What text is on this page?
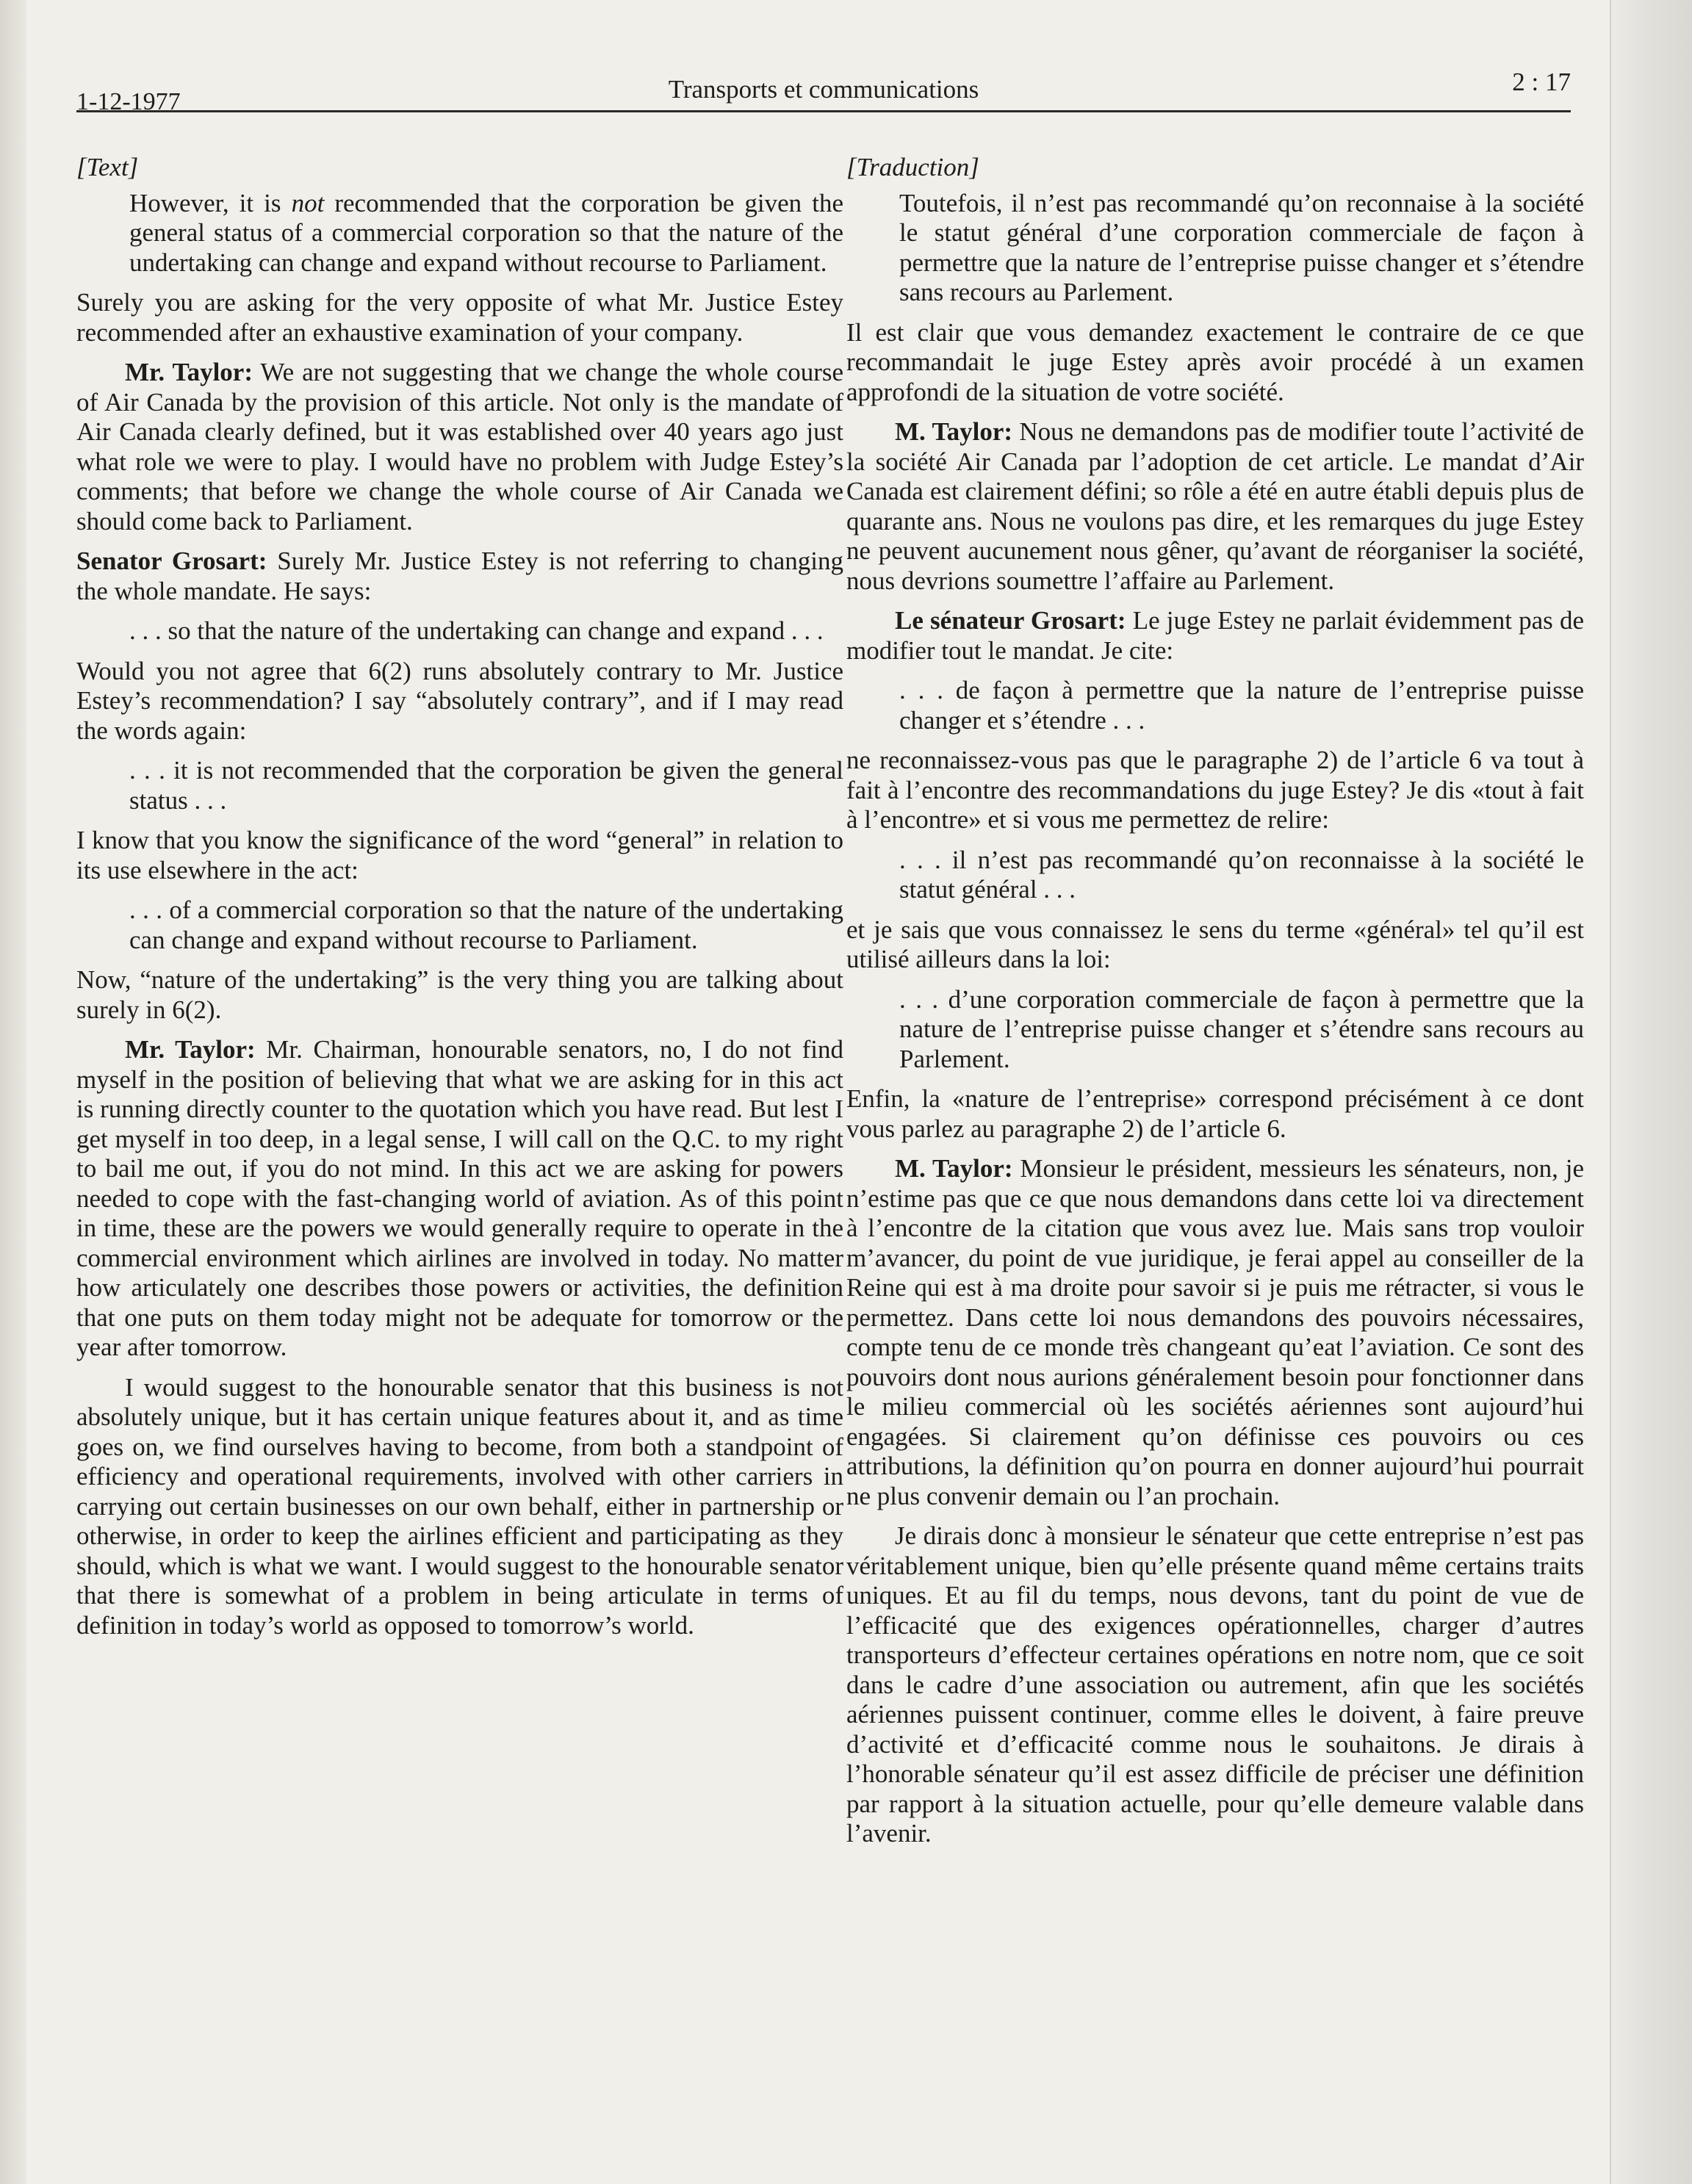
1-12-1977	Transports et communications	2 : 17

[Text]

However, it is not recommended that the corporation be given the general status of a commercial corporation so that the nature of the undertaking can change and expand without recourse to Parliament.

Surely you are asking for the very opposite of what Mr. Justice Estey recommended after an exhaustive examination of your company.

Mr. Taylor: We are not suggesting that we change the whole course of Air Canada by the provision of this article. Not only is the mandate of Air Canada clearly defined, but it was established over 40 years ago just what role we were to play. I would have no problem with Judge Estey’s comments; that before we change the whole course of Air Canada we should come back to Parliament.

Senator Grosart: Surely Mr. Justice Estey is not referring to changing the whole mandate. He says:

. . . so that the nature of the undertaking can change and expand . . .

Would you not agree that 6(2) runs absolutely contrary to Mr. Justice Estey’s recommendation? I say “absolutely contrary”, and if I may read the words again:

. . . it is not recommended that the corporation be given the general status . . .

I know that you know the significance of the word “general” in relation to its use elsewhere in the act:

. . . of a commercial corporation so that the nature of the undertaking can change and expand without recourse to Parliament.

Now, “nature of the undertaking” is the very thing you are talking about surely in 6(2).

Mr. Taylor: Mr. Chairman, honourable senators, no, I do not find myself in the position of believing that what we are asking for in this act is running directly counter to the quotation which you have read. But lest I get myself in too deep, in a legal sense, I will call on the Q.C. to my right to bail me out, if you do not mind. In this act we are asking for powers needed to cope with the fast-changing world of aviation. As of this point in time, these are the powers we would generally require to operate in the commercial environment which airlines are involved in today. No matter how articulately one describes those powers or activities, the definition that one puts on them today might not be adequate for tomorrow or the year after tomorrow.

I would suggest to the honourable senator that this business is not absolutely unique, but it has certain unique features about it, and as time goes on, we find ourselves having to become, from both a standpoint of efficiency and operational requirements, involved with other carriers in carrying out certain businesses on our own behalf, either in partnership or otherwise, in order to keep the airlines efficient and participating as they should, which is what we want. I would suggest to the honourable senator that there is somewhat of a problem in being articulate in terms of definition in today’s world as opposed to tomorrow’s world.

[Traduction]

Toutefois, il n’est pas recommandé qu’on reconnaise à la société le statut général d’une corporation commerciale de façon à permettre que la nature de l’entreprise puisse changer et s’étendre sans recours au Parlement.

Il est clair que vous demandez exactement le contraire de ce que recommandait le juge Estey après avoir procédé à un examen approfondi de la situation de votre société.

M. Taylor: Nous ne demandons pas de modifier toute l’activité de la société Air Canada par l’adoption de cet article. Le mandat d’Air Canada est clairement défini; so rôle a été en autre établi depuis plus de quarante ans. Nous ne voulons pas dire, et les remarques du juge Estey ne peuvent aucunement nous gêner, qu’avant de réorganiser la société, nous devrions soumettre l’affaire au Parlement.

Le sénateur Grosart: Le juge Estey ne parlait évidemment pas de modifier tout le mandat. Je cite:

. . . de façon à permettre que la nature de l’entreprise puisse changer et s’étendre . . .

ne reconnaissez-vous pas que le paragraphe 2) de l’article 6 va tout à fait à l’encontre des recommandations du juge Estey? Je dis «tout à fait à l’encontre» et si vous me permettez de relire:

. . . il n’est pas recommandé qu’on reconnaisse à la société le statut général . . .

et je sais que vous connaissez le sens du terme «général» tel qu’il est utilisé ailleurs dans la loi:

. . . d’une corporation commerciale de façon à permettre que la nature de l’entreprise puisse changer et s’étendre sans recours au Parlement.

Enfin, la «nature de l’entreprise» correspond précisément à ce dont vous parlez au paragraphe 2) de l’article 6.

M. Taylor: Monsieur le président, messieurs les sénateurs, non, je n’estime pas que ce que nous demandons dans cette loi va directement à l’encontre de la citation que vous avez lue. Mais sans trop vouloir m’avancer, du point de vue juridique, je ferai appel au conseiller de la Reine qui est à ma droite pour savoir si je puis me rétracter, si vous le permettez. Dans cette loi nous demandons des pouvoirs nécessaires, compte tenu de ce monde très changeant qu’eat l’aviation. Ce sont des pouvoirs dont nous aurions généralement besoin pour fonctionner dans le milieu commercial où les sociétés aériennes sont aujourd’hui engagées. Si clairement qu’on définisse ces pouvoirs ou ces attributions, la définition qu’on pourra en donner aujourd’hui pourrait ne plus convenir demain ou l’an prochain.

Je dirais donc à monsieur le sénateur que cette entreprise n’est pas véritablement unique, bien qu’elle présente quand même certains traits uniques. Et au fil du temps, nous devons, tant du point de vue de l’efficacité que des exigences opérationnelles, charger d’autres transporteurs d’effecteur certaines opérations en notre nom, que ce soit dans le cadre d’une association ou autrement, afin que les sociétés aériennes puissent continuer, comme elles le doivent, à faire preuve d’activité et d’efficacité comme nous le souhaitons. Je dirais à l’honorable sénateur qu’il est assez difficile de préciser une définition par rapport à la situation actuelle, pour qu’elle demeure valable dans l’avenir.
